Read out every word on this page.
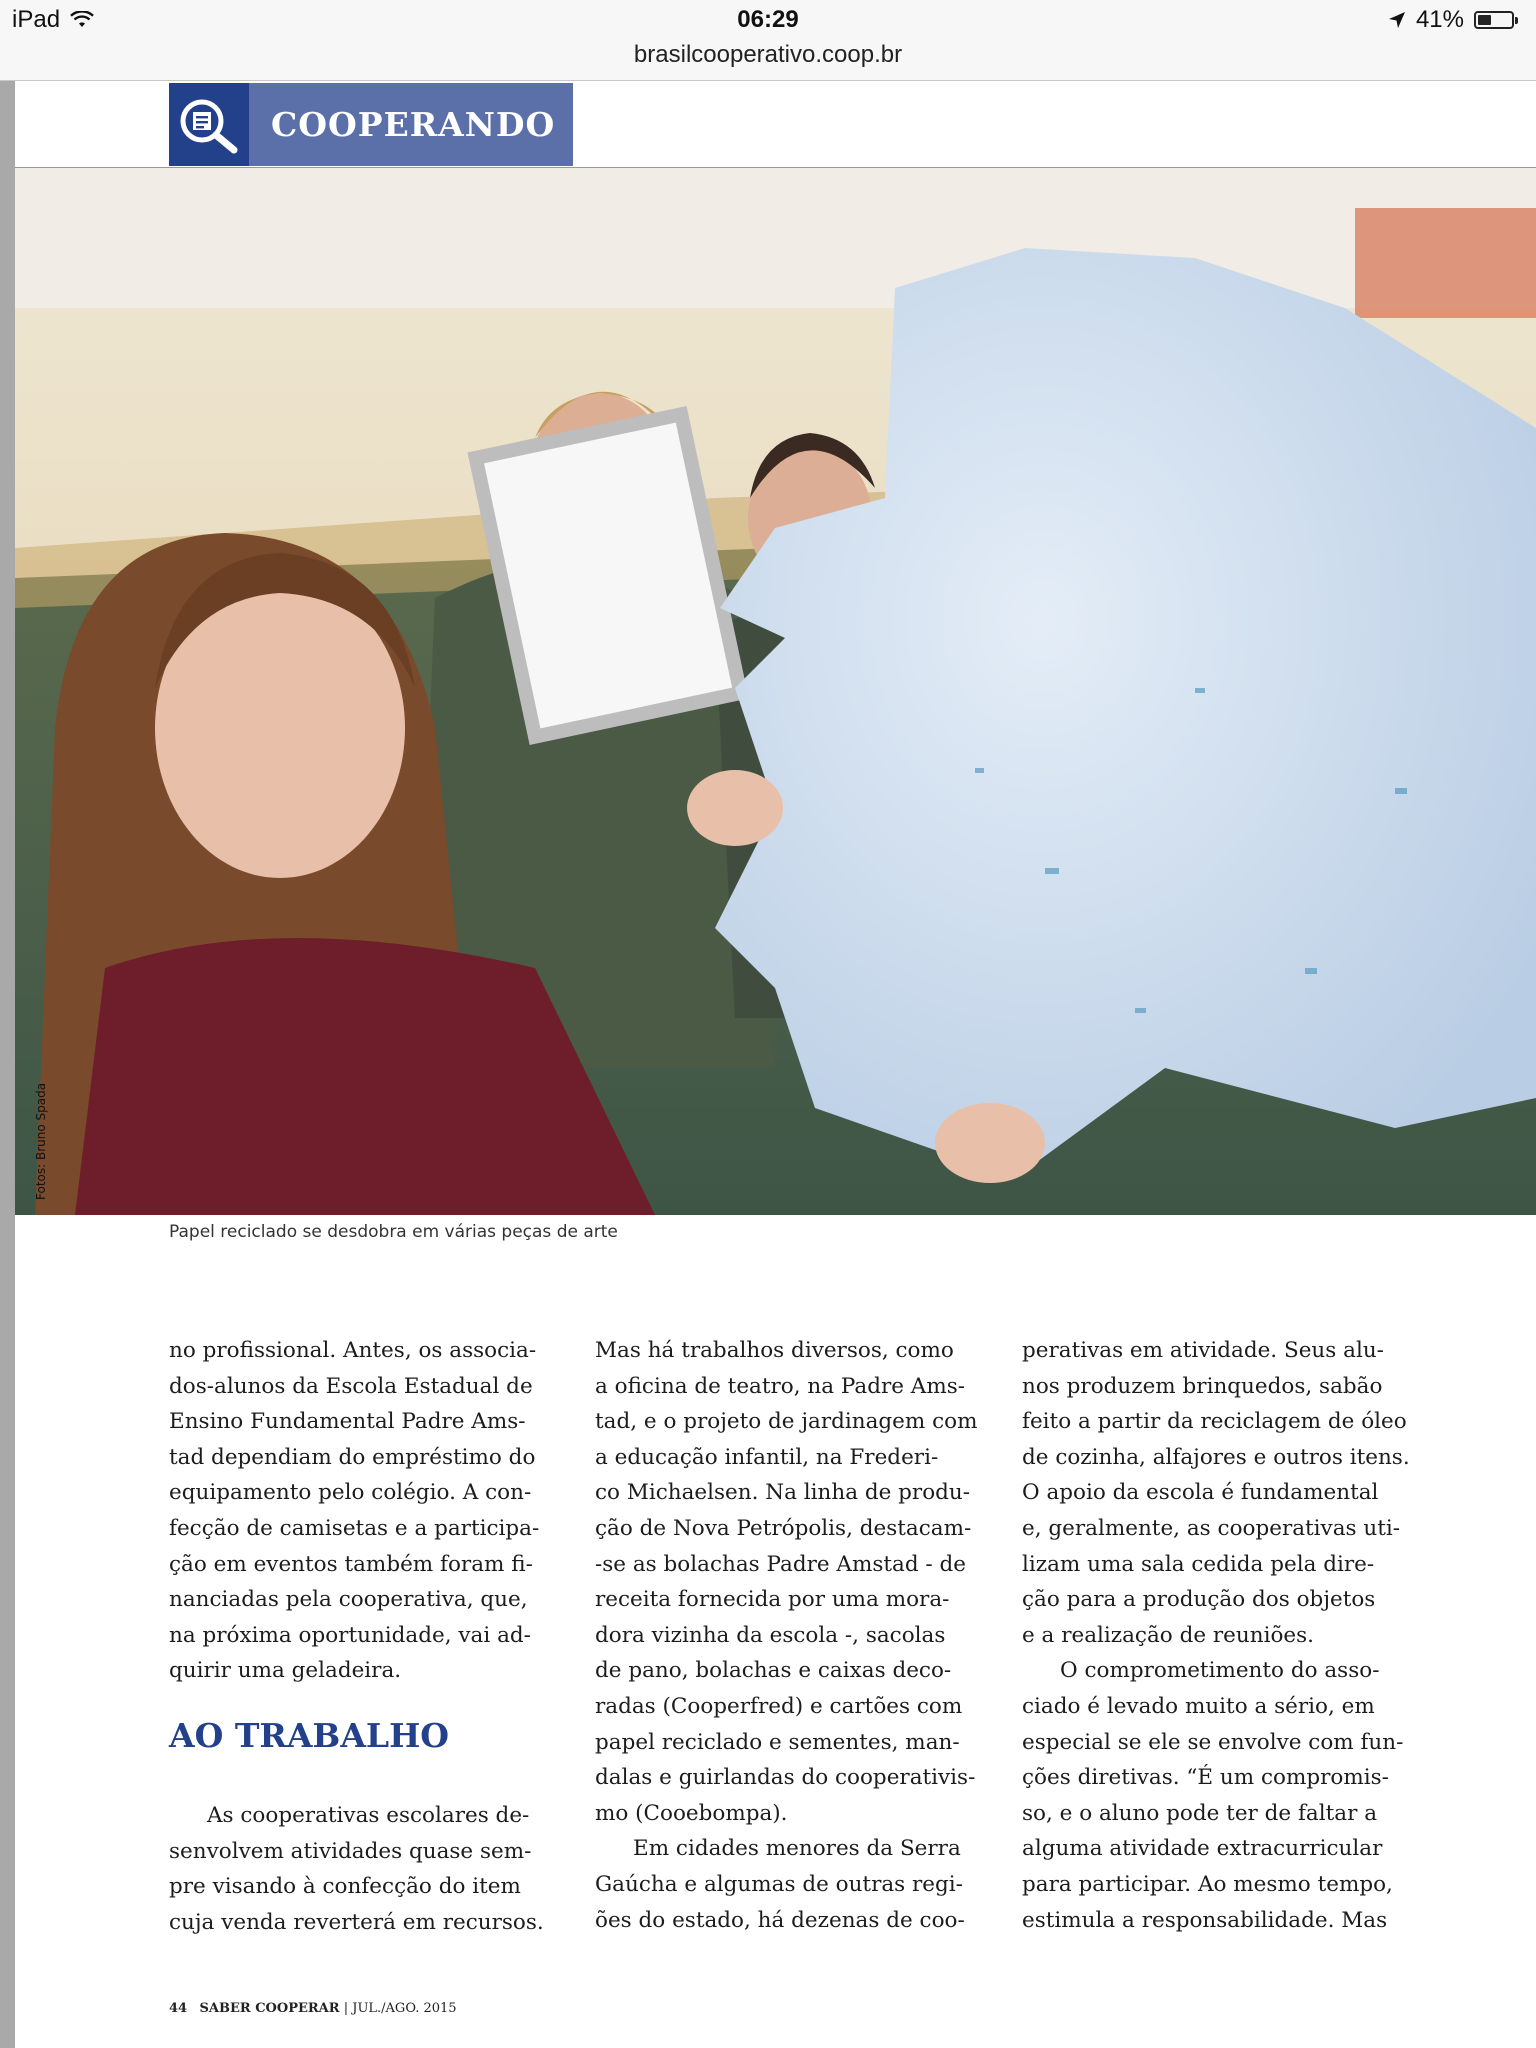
iPad	06:29	41%
brasilcooperativo.coop.br
COOPERANDO
Fotos: Bruno Spada
Papel reciclado se desdobra em várias peças de arte
no profissional. Antes, os associa-
dos-alunos da Escola Estadual de
Ensino Fundamental Padre Ams-
tad dependiam do empréstimo do
equipamento pelo colégio. A con-
fecção de camisetas e a participa-
ção em eventos também foram fi-
nanciadas pela cooperativa, que,
na próxima oportunidade, vai ad-
quirir uma geladeira.
AO TRABALHO
As cooperativas escolares de-
senvolvem atividades quase sem-
pre visando à confecção do item
cuja venda reverterá em recursos.
Mas há trabalhos diversos, como
a oficina de teatro, na Padre Ams-
tad, e o projeto de jardinagem com
a educação infantil, na Frederi-
co Michaelsen. Na linha de produ-
ção de Nova Petrópolis, destacam-
-se as bolachas Padre Amstad - de
receita fornecida por uma mora-
dora vizinha da escola -, sacolas
de pano, bolachas e caixas deco-
radas (Cooperfred) e cartões com
papel reciclado e sementes, man-
dalas e guirlandas do cooperativis-
mo (Cooebompa).
Em cidades menores da Serra
Gaúcha e algumas de outras regi-
ões do estado, há dezenas de coo-
perativas em atividade. Seus alu-
nos produzem brinquedos, sabão
feito a partir da reciclagem de óleo
de cozinha, alfajores e outros itens.
O apoio da escola é fundamental
e, geralmente, as cooperativas uti-
lizam uma sala cedida pela dire-
ção para a produção dos objetos
e a realização de reuniões.
O comprometimento do asso-
ciado é levado muito a sério, em
especial se ele se envolve com fun-
ções diretivas. “É um compromis-
so, e o aluno pode ter de faltar a
alguma atividade extracurricular
para participar. Ao mesmo tempo,
estimula a responsabilidade. Mas
44 SABER COOPERAR | JUL./AGO. 2015
